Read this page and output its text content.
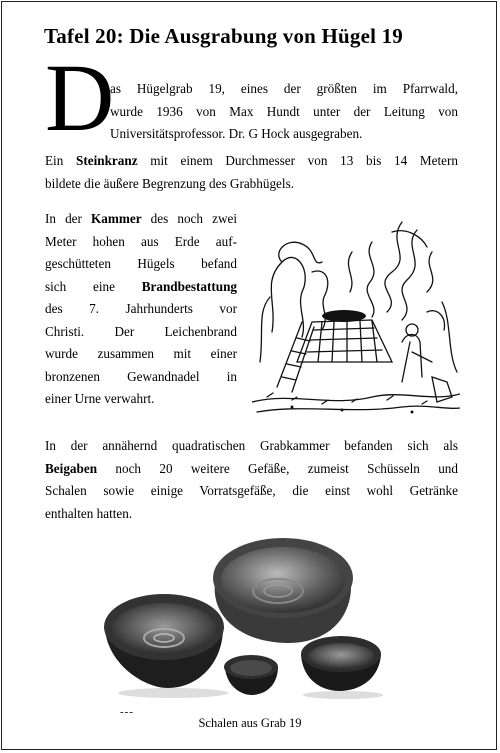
Tafel 20: Die Ausgrabung von Hügel 19
D
as Hügelgrab 19, eines der größten im Pfarrwald,
wurde 1936 von Max Hundt unter der Leitung von
Universitätsprofessor. Dr. G Hock ausgegraben.
Ein Steinkranz mit einem Durchmesser von 13 bis 14 Metern
bildete die äußere Begrenzung des Grabhügels.
In der Kammer des noch zwei
Meter hohen aus Erde auf-
geschütteten Hügels befand
sich eine Brandbestattung
des 7. Jahrhunderts vor
Christi. Der Leichenbrand
wurde zusammen mit einer
bronzenen Gewandnadel in
einer Urne verwahrt.
In der annähernd quadratischen Grabkammer befanden sich als
Beigaben noch 20 weitere Gefäße, zumeist Schüsseln und
Schalen sowie einige Vorratsgefäße, die einst wohl Getränke
enthalten hatten.
---
Schalen aus Grab 19
